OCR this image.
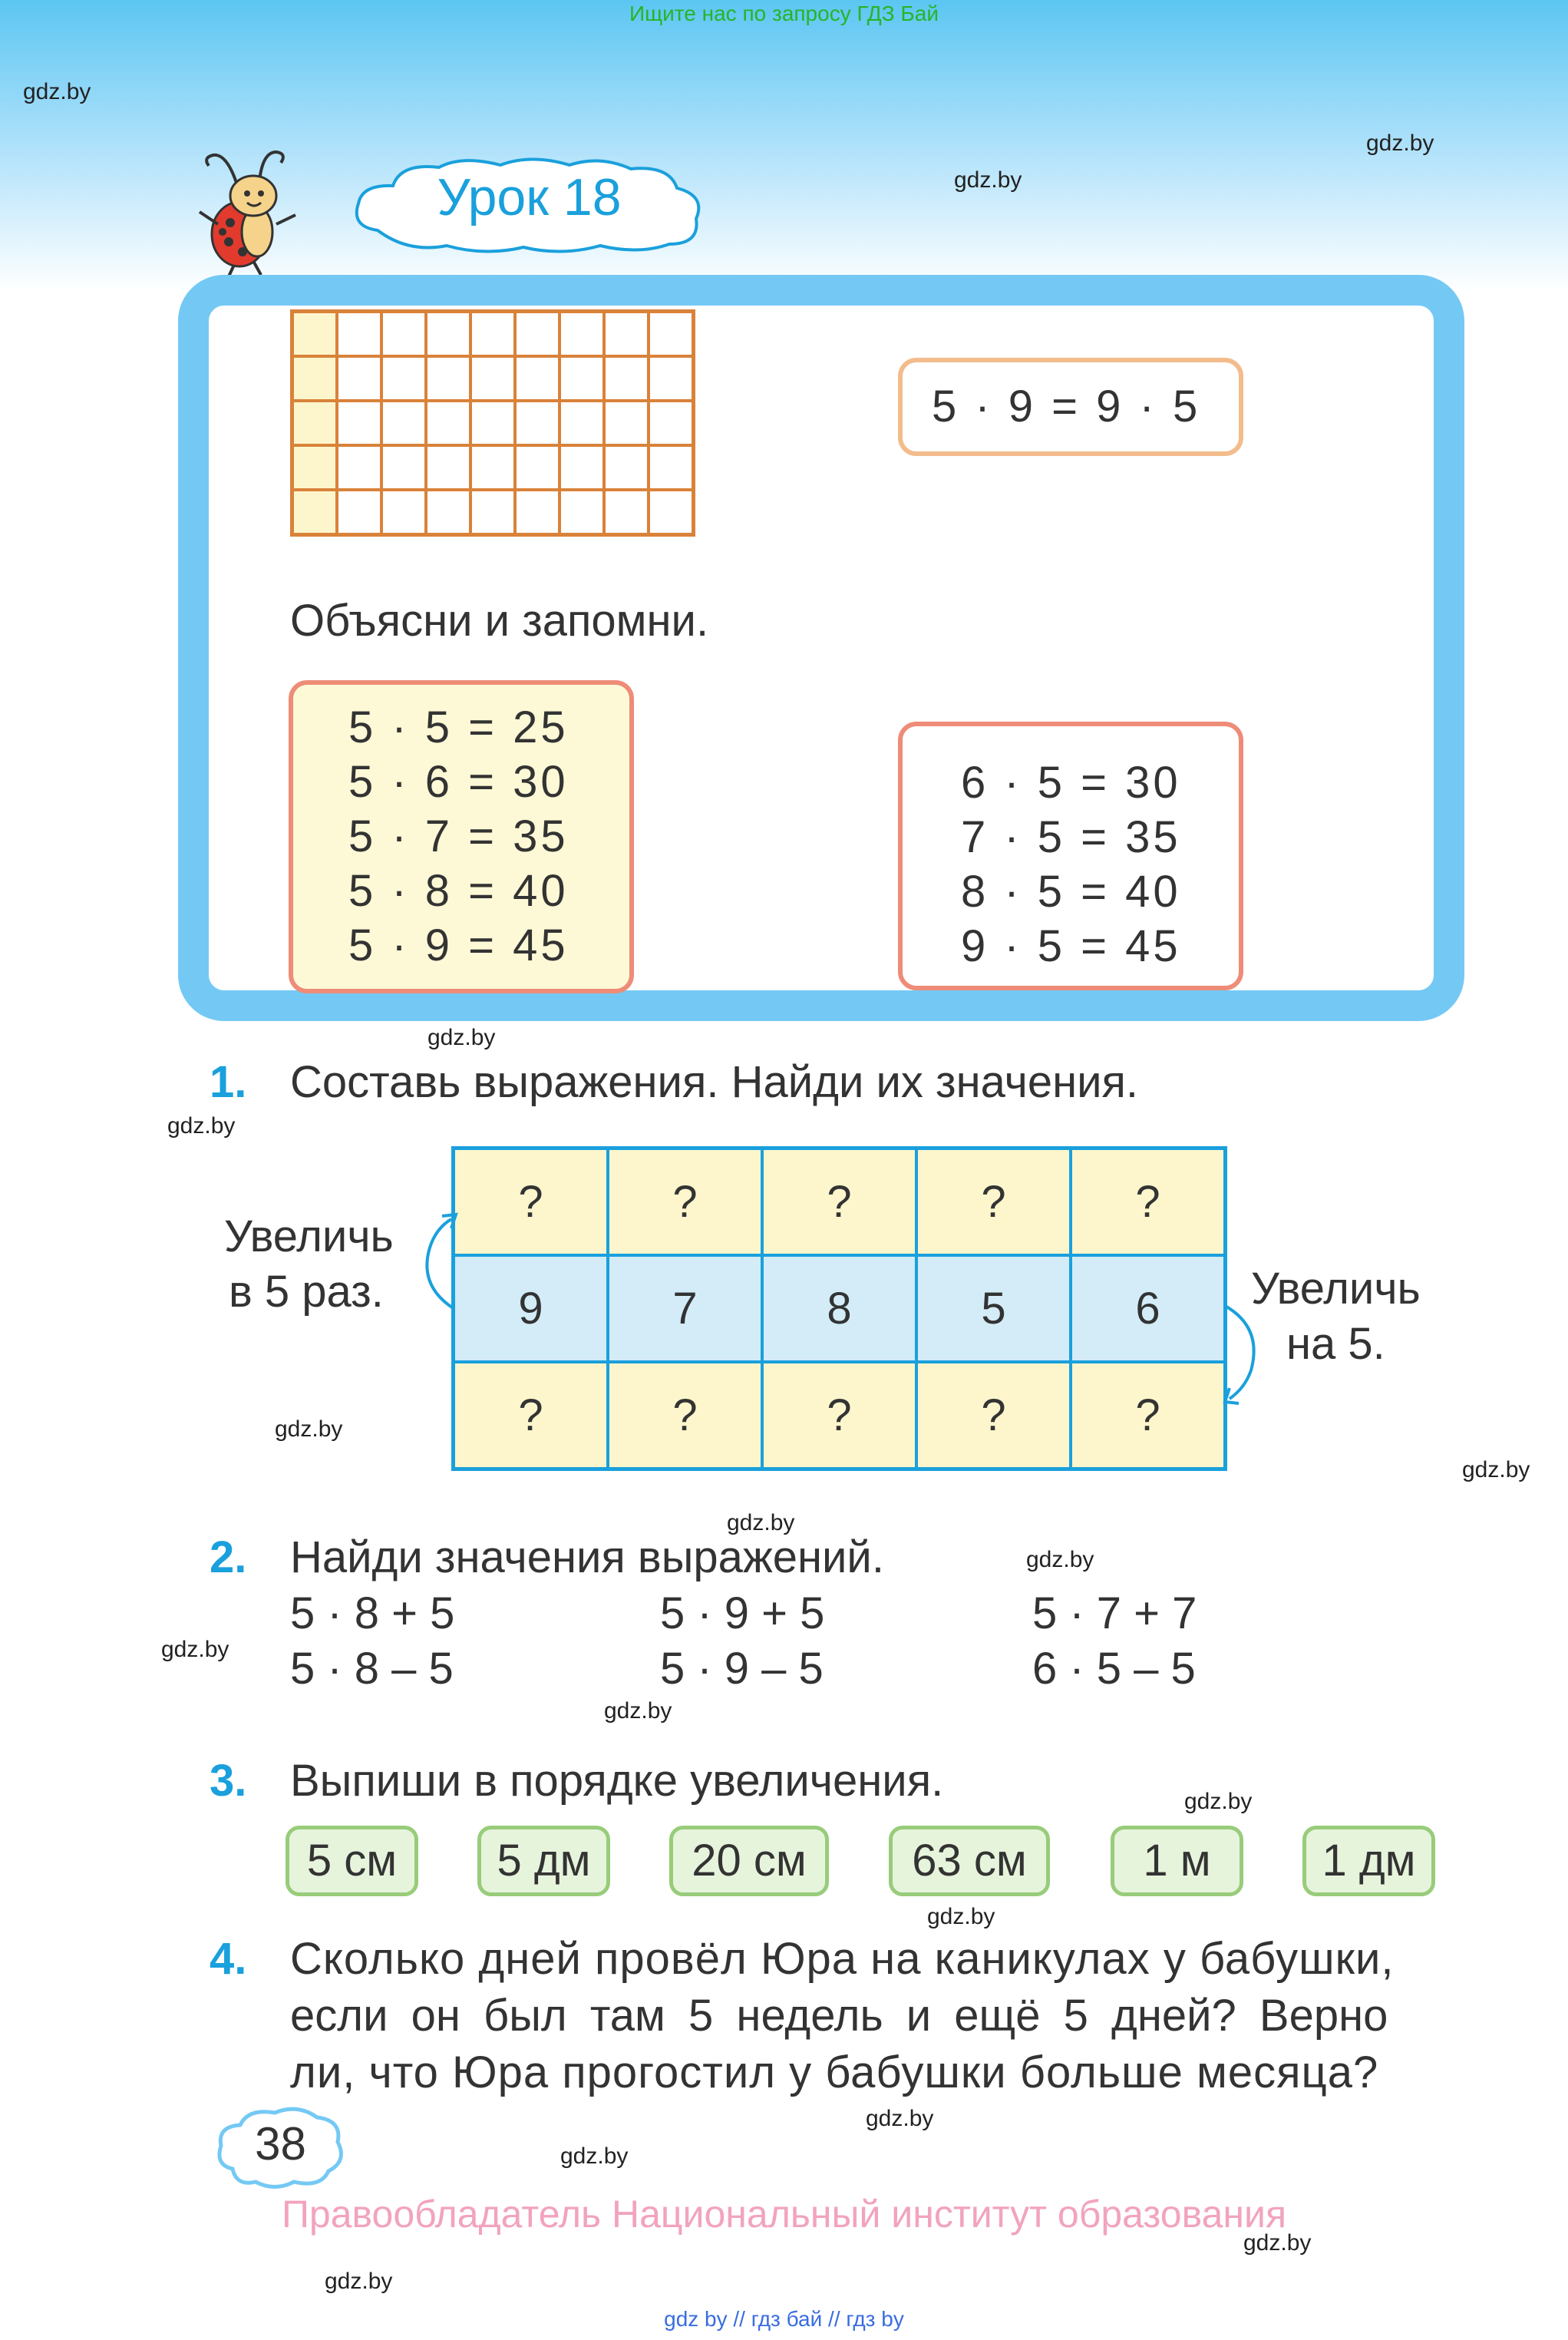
Ищите нас по запросу ГДЗ Бай
gdz.by
gdz.by
gdz.by
gdz.by
gdz.by
gdz.by
gdz.by
gdz.by
gdz.by
gdz.by
gdz.by
gdz.by
gdz.by
gdz.by
gdz.by
gdz.by
gdz.by
Урок 18
5 · 9 = 9 · 5
Объясни и запомни.
5 · 5 = 25
5 · 6 = 30
5 · 7 = 35
5 · 8 = 40
5 · 9 = 45
6 · 5 = 30
7 · 5 = 35
8 · 5 = 40
9 · 5 = 45
1. Составь выражения. Найди их значения.
Увеличь
в 5 раз.	Увеличь
на 5.
?	?	?	?	?
9	7	8	5	6
?	?	?	?	?
2. Найди значения выражений.
5 · 8 + 5	5 · 9 + 5	5 · 7 + 7
5 · 8 – 5	5 · 9 – 5	6 · 5 – 5
3. Выпиши в порядке увеличения.
5 см	5 дм	20 см	63 см	1 м	1 дм
4. Сколько дней провёл Юра на каникулах у бабушки,
если он был там 5 недель и ещё 5 дней? Верно
ли, что Юра прогостил у бабушки больше месяца?
38
Правообладатель Национальный институт образования
gdz by // гдз бай // гдз by
